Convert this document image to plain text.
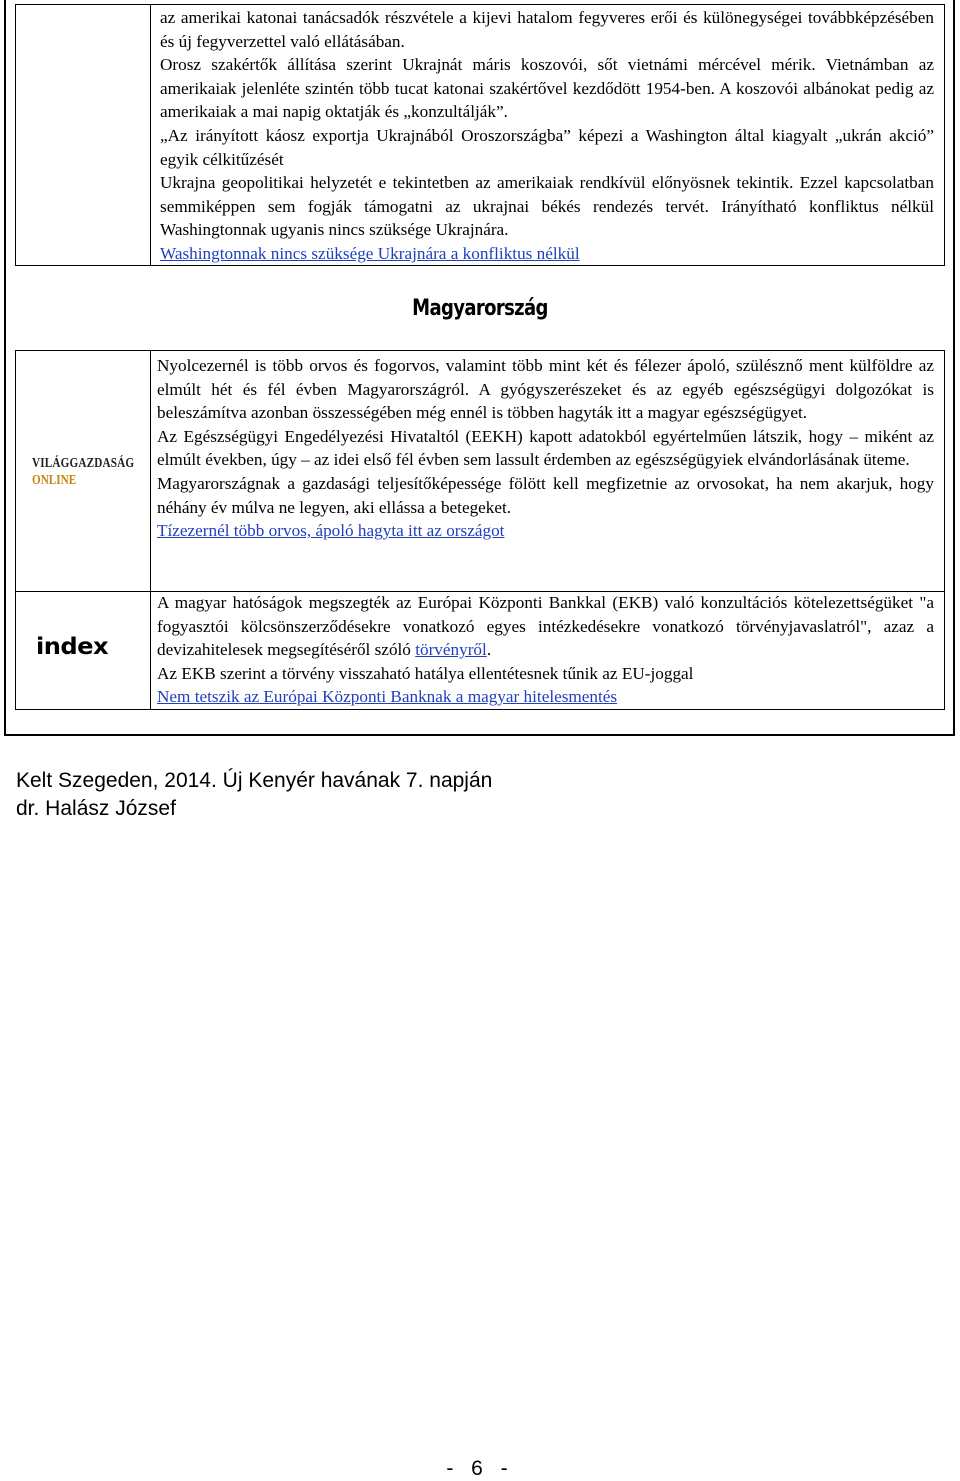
az amerikai katonai tanácsadók részvétele a kijevi hatalom fegyveres erői és különegységei továbbképzésében és új fegyverzettel való ellátásában.

Orosz szakértők állítása szerint Ukrajnát máris koszovói, sőt vietnámi mércével mérik. Vietnámban az amerikaiak jelenléte szintén több tucat katonai szakértővel kezdődött 1954-ben. A koszovói albánokat pedig az amerikaiak a mai napig oktatják és „konzultálják”.

„Az irányított káosz exportja Ukrajnából Oroszországba” képezi a Washington által kiagyalt „ukrán akció” egyik célkitűzését

Ukrajna geopolitikai helyzetét e tekintetben az amerikaiak rendkívül előnyösnek tekintik. Ezzel kapcsolatban semmiképpen sem fogják támogatni az ukrajnai békés rendezés tervét. Irányítható konfliktus nélkül Washingtonnak ugyanis nincs szüksége Ukrajnára.

Washingtonnak nincs szüksége Ukrajnára a konfliktus nélkül

Magyarország
VILÁGGAZDASÁG
ONLINE

Nyolcezernél is több orvos és fogorvos, valamint több mint két és félezer ápoló, szülésznő ment külföldre az elmúlt hét és fél évben Magyarországról. A gyógyszerészeket és az egyéb egészségügyi dolgozókat is beleszámítva azonban összességében még ennél is többen hagyták itt a magyar egészségügyet.

Az Egészségügyi Engedélyezési Hivataltól (EEKH) kapott adatokból egyértelműen látszik, hogy – miként az elmúlt években, úgy – az idei első fél évben sem lassult érdemben az egészségügyiek elvándorlásának üteme.

Magyarországnak a gazdasági teljesítőképessége fölött kell megfizetnie az orvosokat, ha nem akarjuk, hogy néhány év múlva ne legyen, aki ellássa a betegeket.

Tízezernél több orvos, ápoló hagyta itt az országot

index

A magyar hatóságok megszegték az Európai Központi Bankkal (EKB) való konzultációs kötelezettségüket "a fogyasztói kölcsönszerződésekre vonatkozó egyes intézkedésekre vonatkozó törvényjavaslatról", azaz a devizahitelesek megsegítéséről szóló törvényről.

Az EKB szerint a törvény visszaható hatálya ellentétesnek tűnik az EU-joggal

Nem tetszik az Európai Központi Banknak a magyar hitelesmentés

Kelt Szegeden, 2014. Új Kenyér havának 7. napján
dr. Halász József
- 6 -
